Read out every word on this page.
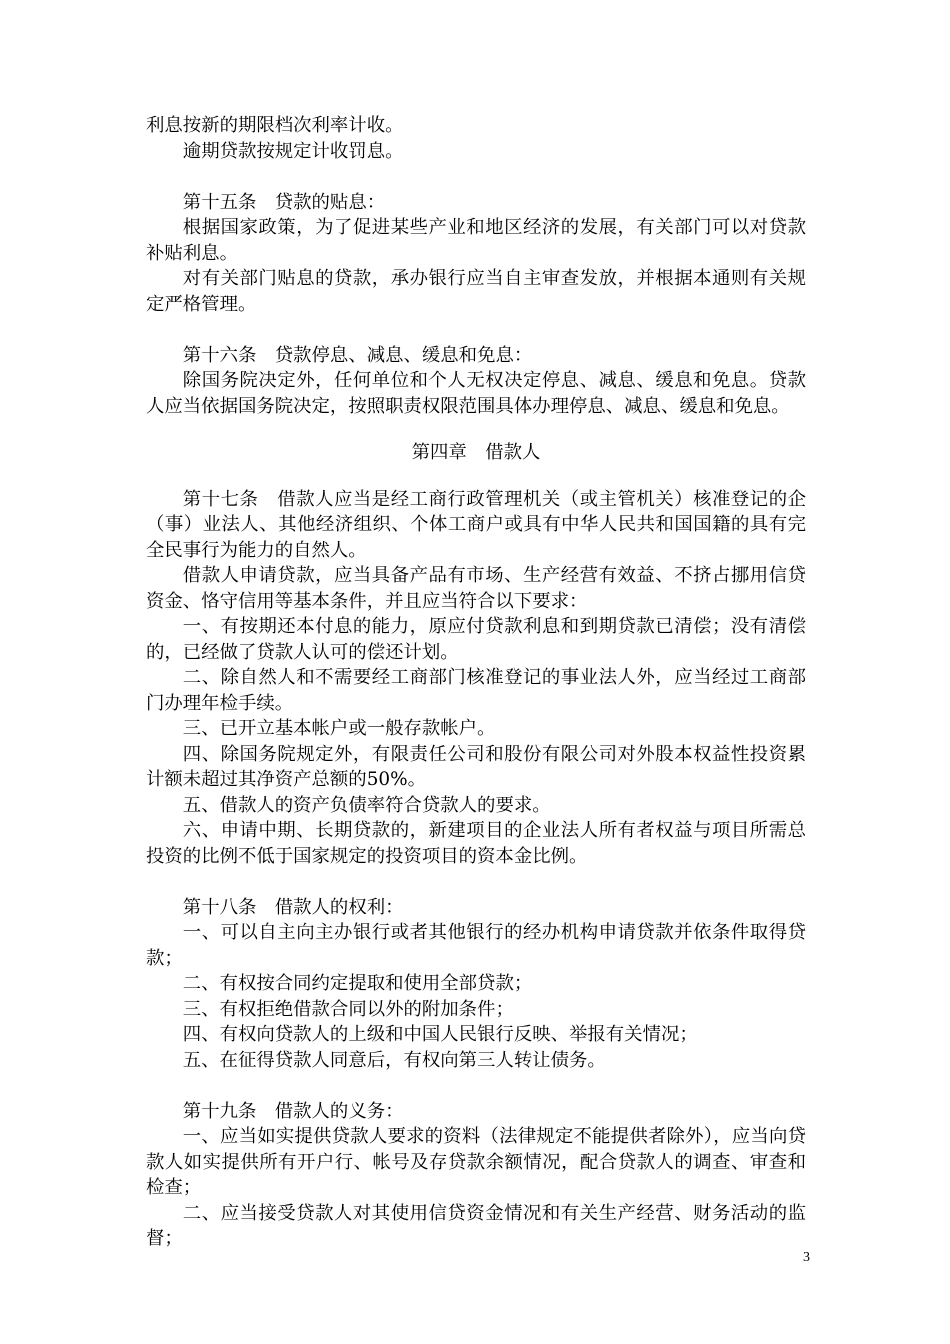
利息按新的期限档次利率计收。

逾期贷款按规定计收罚息。

第十五条　贷款的贴息：

根据国家政策，为了促进某些产业和地区经济的发展，有关部门可以对贷款补贴利息。

对有关部门贴息的贷款，承办银行应当自主审查发放，并根据本通则有关规定严格管理。

第十六条　贷款停息、减息、缓息和免息：

除国务院决定外，任何单位和个人无权决定停息、减息、缓息和免息。贷款人应当依据国务院决定，按照职责权限范围具体办理停息、减息、缓息和免息。

第四章　借款人

第十七条　借款人应当是经工商行政管理机关（或主管机关）核准登记的企（事）业法人、其他经济组织、个体工商户或具有中华人民共和国国籍的具有完全民事行为能力的自然人。

借款人申请贷款，应当具备产品有市场、生产经营有效益、不挤占挪用信贷资金、恪守信用等基本条件，并且应当符合以下要求：

一、有按期还本付息的能力，原应付贷款利息和到期贷款已清偿；没有清偿的，已经做了贷款人认可的偿还计划。

二、除自然人和不需要经工商部门核准登记的事业法人外，应当经过工商部门办理年检手续。

三、已开立基本帐户或一般存款帐户。

四、除国务院规定外，有限责任公司和股份有限公司对外股本权益性投资累计额未超过其净资产总额的50%。

五、借款人的资产负债率符合贷款人的要求。

六、申请中期、长期贷款的，新建项目的企业法人所有者权益与项目所需总投资的比例不低于国家规定的投资项目的资本金比例。

第十八条　借款人的权利：

一、可以自主向主办银行或者其他银行的经办机构申请贷款并依条件取得贷款；

二、有权按合同约定提取和使用全部贷款；

三、有权拒绝借款合同以外的附加条件；

四、有权向贷款人的上级和中国人民银行反映、举报有关情况；

五、在征得贷款人同意后，有权向第三人转让债务。

第十九条　借款人的义务：

一、应当如实提供贷款人要求的资料（法律规定不能提供者除外），应当向贷款人如实提供所有开户行、帐号及存贷款余额情况，配合贷款人的调查、审查和检查；

二、应当接受贷款人对其使用信贷资金情况和有关生产经营、财务活动的监督；

3
